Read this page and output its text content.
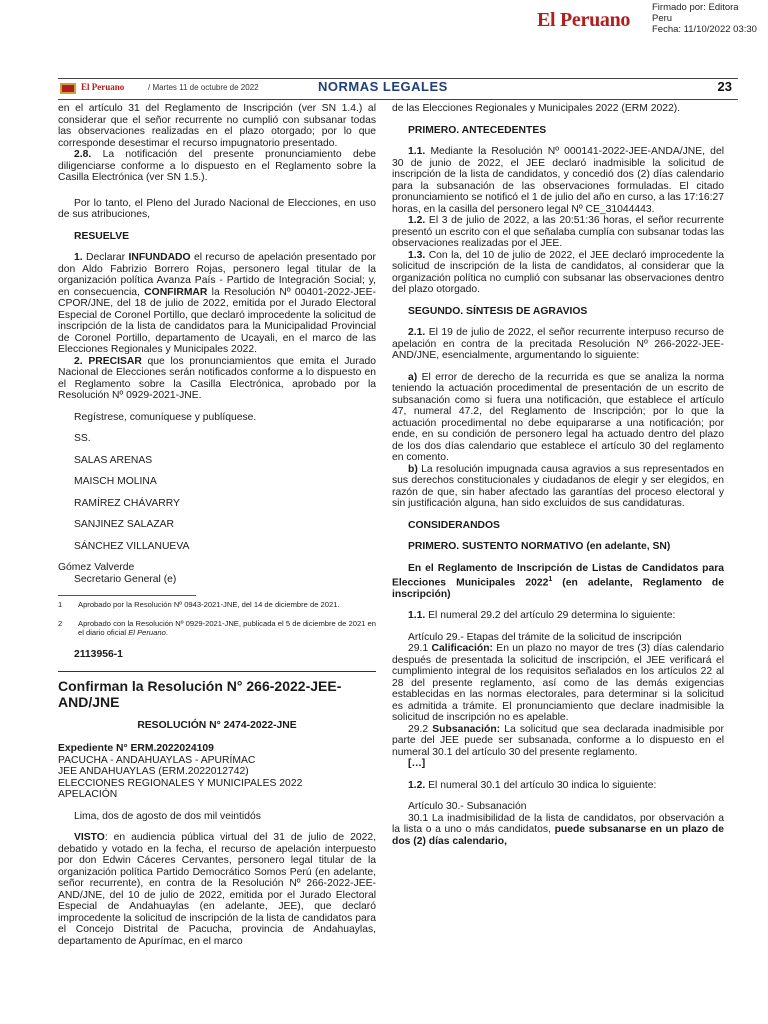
El Peruano
Firmado por: Editora
Peru
Fecha: 11/10/2022 03:30
El Peruano	/ Martes 11 de octubre de 2022	NORMAS LEGALES	23

en el artículo 31 del Reglamento de Inscripción (ver SN 1.4.) al considerar que el señor recurrente no cumplió con subsanar todas las observaciones realizadas en el plazo otorgado; por lo que corresponde desestimar el recurso impugnatorio presentado.

2.8. La notificación del presente pronunciamiento debe diligenciarse conforme a lo dispuesto en el Reglamento sobre la Casilla Electrónica (ver SN 1.5.).

Por lo tanto, el Pleno del Jurado Nacional de Elecciones, en uso de sus atribuciones,

RESUELVE

1. Declarar INFUNDADO el recurso de apelación presentado por don Aldo Fabrizio Borrero Rojas, personero legal titular de la organización política Avanza País - Partido de Integración Social; y, en consecuencia, CONFIRMAR la Resolución Nº 00401-2022-JEE-CPOR/JNE, del 18 de julio de 2022, emitida por el Jurado Electoral Especial de Coronel Portillo, que declaró improcedente la solicitud de inscripción de la lista de candidatos para la Municipalidad Provincial de Coronel Portillo, departamento de Ucayali, en el marco de las Elecciones Regionales y Municipales 2022.

2. PRECISAR que los pronunciamientos que emita el Jurado Nacional de Elecciones serán notificados conforme a lo dispuesto en el Reglamento sobre la Casilla Electrónica, aprobado por la Resolución Nº 0929-2021-JNE.

Regístrese, comuníquese y publíquese.

SS.

SALAS ARENAS

MAISCH MOLINA

RAMÍREZ CHÁVARRY

SANJINEZ SALAZAR

SÁNCHEZ VILLANUEVA

Gómez Valverde

Secretario General (e)

1	Aprobado por la Resolución Nº 0943-2021-JNE, del 14 de diciembre de 2021.

2	Aprobado con la Resolución Nº 0929-2021-JNE, publicada el 5 de diciembre de 2021 en el diario oficial El Peruano.

2113956-1

Confirman la Resolución N° 266-2022-JEE-AND/JNE
RESOLUCIÓN N° 2474-2022-JNE

Expediente N° ERM.2022024109

PACUCHA - ANDAHUAYLAS - APURÍMAC

JEE ANDAHUAYLAS (ERM.2022012742)

ELECCIONES REGIONALES Y MUNICIPALES 2022

APELACIÓN

Lima, dos de agosto de dos mil veintidós

VISTO: en audiencia pública virtual del 31 de julio de 2022, debatido y votado en la fecha, el recurso de apelación interpuesto por don Edwin Cáceres Cervantes, personero legal titular de la organización política Partido Democrático Somos Perú (en adelante, señor recurrente), en contra de la Resolución Nº 266-2022-JEE-AND/JNE, del 10 de julio de 2022, emitida por el Jurado Electoral Especial de Andahuaylas (en adelante, JEE), que declaró improcedente la solicitud de inscripción de la lista de candidatos para el Concejo Distrital de Pacucha, provincia de Andahuaylas, departamento de Apurímac, en el marco

de las Elecciones Regionales y Municipales 2022 (ERM 2022).

PRIMERO. ANTECEDENTES

1.1. Mediante la Resolución Nº 000141-2022-JEE-ANDA/JNE, del 30 de junio de 2022, el JEE declaró inadmisible la solicitud de inscripción de la lista de candidatos, y concedió dos (2) días calendario para la subsanación de las observaciones formuladas. El citado pronunciamiento se notificó el 1 de julio del año en curso, a las 17:16:27 horas, en la casilla del personero legal Nº CE_31044443.

1.2. El 3 de julio de 2022, a las 20:51:36 horas, el señor recurrente presentó un escrito con el que señalaba cumplía con subsanar todas las observaciones realizadas por el JEE.

1.3. Con la, del 10 de julio de 2022, el JEE declaró improcedente la solicitud de inscripción de la lista de candidatos, al considerar que la organización política no cumplió con subsanar las observaciones dentro del plazo otorgado.

SEGUNDO. SÍNTESIS DE AGRAVIOS

2.1. El 19 de julio de 2022, el señor recurrente interpuso recurso de apelación en contra de la precitada Resolución Nº 266-2022-JEE-AND/JNE, esencialmente, argumentando lo siguiente:

a) El error de derecho de la recurrida es que se analiza la norma teniendo la actuación procedimental de presentación de un escrito de subsanación como si fuera una notificación, que establece el artículo 47, numeral 47.2, del Reglamento de Inscripción; por lo que la actuación procedimental no debe equipararse a una notificación; por ende, en su condición de personero legal ha actuado dentro del plazo de los dos días calendario que establece el artículo 30 del reglamento en comento.

b) La resolución impugnada causa agravios a sus representados en sus derechos constitucionales y ciudadanos de elegir y ser elegidos, en razón de que, sin haber afectado las garantías del proceso electoral y sin justificación alguna, han sido excluidos de sus candidaturas.

CONSIDERANDOS

PRIMERO. SUSTENTO NORMATIVO (en adelante, SN)

En el Reglamento de Inscripción de Listas de Candidatos para Elecciones Municipales 2022$^1$ (en adelante, Reglamento de inscripción)

1.1. El numeral 29.2 del artículo 29 determina lo siguiente:

Artículo 29.- Etapas del trámite de la solicitud de inscripción

29.1 Calificación: En un plazo no mayor de tres (3) días calendario después de presentada la solicitud de inscripción, el JEE verificará el cumplimiento integral de los requisitos señalados en los artículos 22 al 28 del presente reglamento, así como de las demás exigencias establecidas en las normas electorales, para determinar si la solicitud es admitida a trámite. El pronunciamiento que declare inadmisible la solicitud de inscripción no es apelable.

29.2 Subsanación: La solicitud que sea declarada inadmisible por parte del JEE puede ser subsanada, conforme a lo dispuesto en el numeral 30.1 del artículo 30 del presente reglamento.

[…]

1.2. El numeral 30.1 del artículo 30 indica lo siguiente:

Artículo 30.- Subsanación

30.1 La inadmisibilidad de la lista de candidatos, por observación a la lista o a uno o más candidatos, puede subsanarse en un plazo de dos (2) días calendario,
